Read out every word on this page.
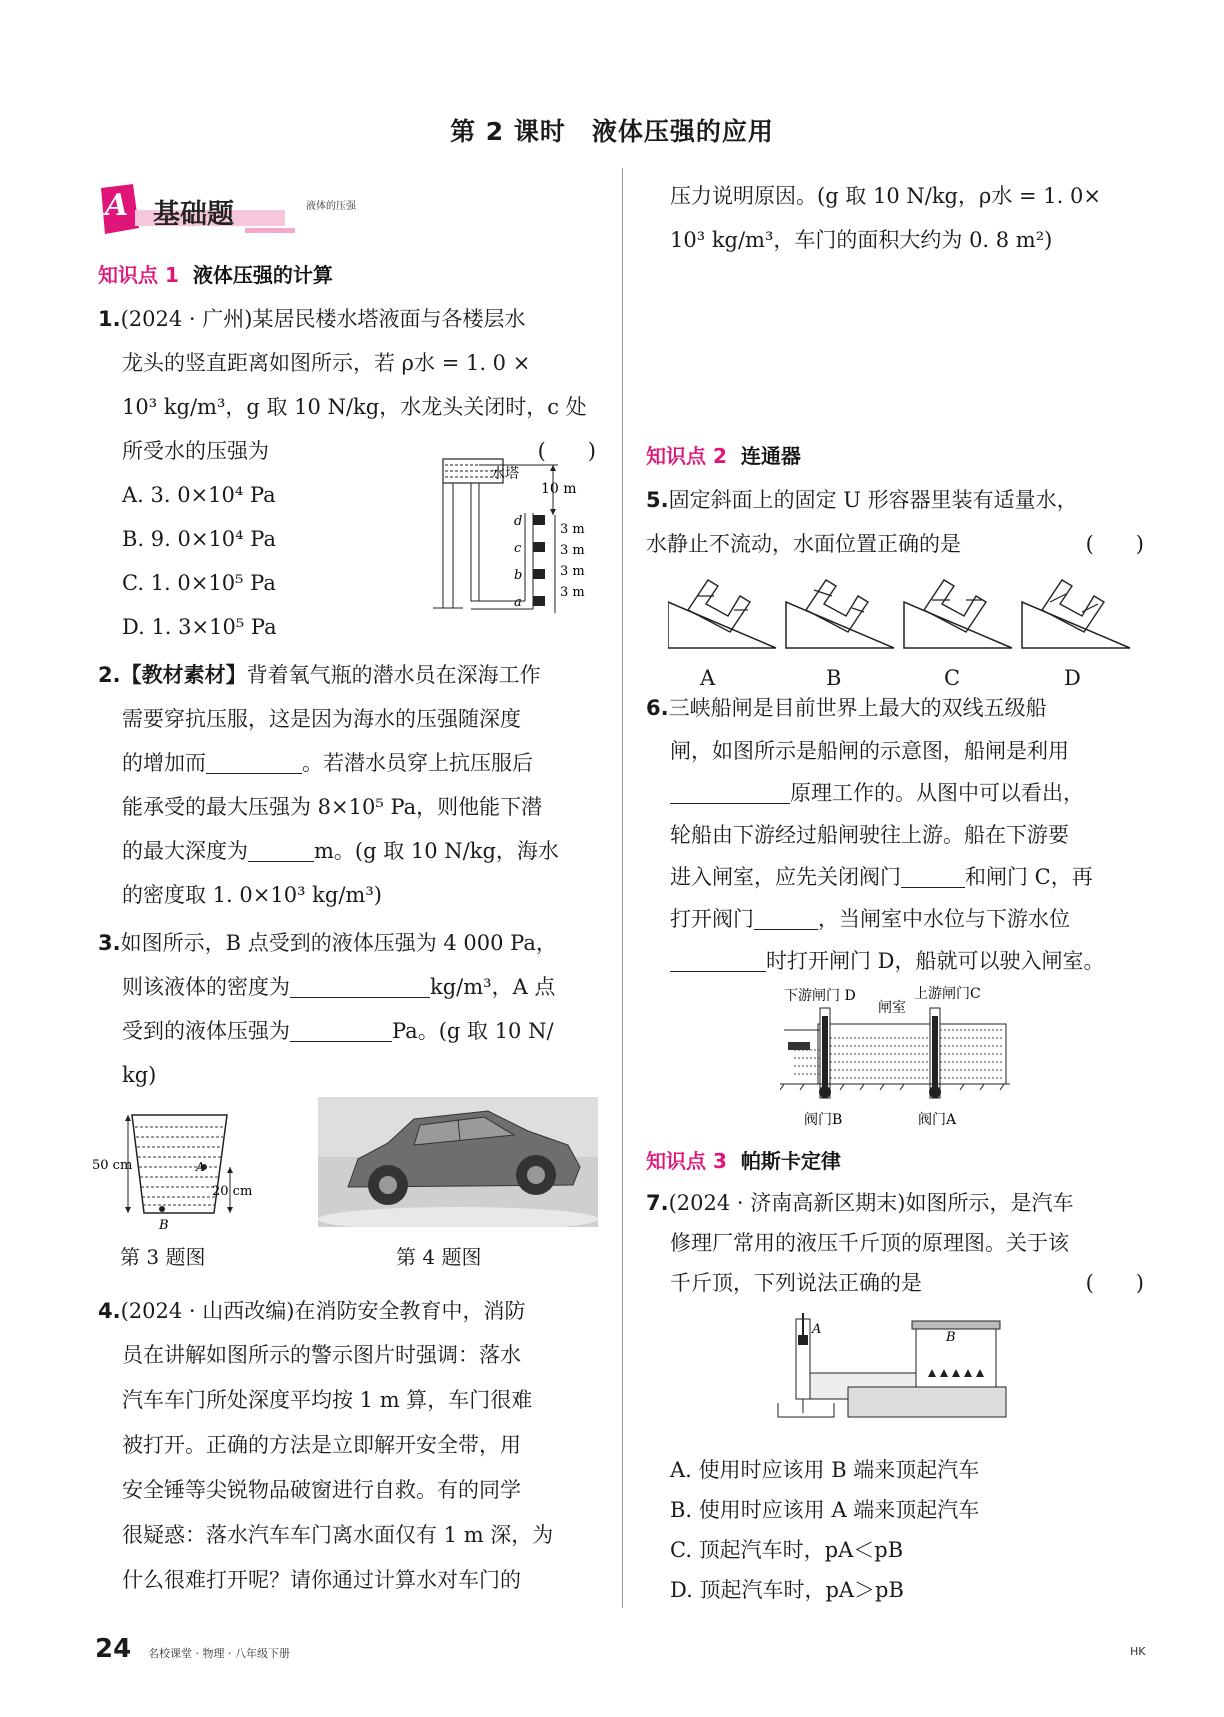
第 2 课时　液体压强的应用
A 基础题	液体的压强
知识点 1 液体压强的计算

1.(2024 · 广州)某居民楼水塔液面与各楼层水

龙头的竖直距离如图所示，若 ρ水 = 1. 0 ×

10³ kg/m³，g 取 10 N/kg，水龙头关闭时，c 处

所受水的压强为	(　　)

A. 3. 0×10⁴ Pa

B. 9. 0×10⁴ Pa

C. 1. 0×10⁵ Pa

D. 1. 3×10⁵ Pa

水塔
10 m
d
c
b
a
3 m
3 m
3 m
3 m

2.【教材素材】背着氧气瓶的潜水员在深海工作

需要穿抗压服，这是因为海水的压强随深度

的增加而	。若潜水员穿上抗压服后

能承受的最大压强为 8×10⁵ Pa，则他能下潜

的最大深度为	m。(g 取 10 N/kg，海水

的密度取 1. 0×10³ kg/m³)

3.如图所示，B 点受到的液体压强为 4 000 Pa，

则该液体的密度为	kg/m³，A 点

受到的液体压强为	Pa。(g 取 10 N/

kg)

50 cm
20 cm
A
B
第 3 题图	第 4 题图

4.(2024 · 山西改编)在消防安全教育中，消防

员在讲解如图所示的警示图片时强调：落水

汽车车门所处深度平均按 1 m 算，车门很难

被打开。正确的方法是立即解开安全带，用

安全锤等尖锐物品破窗进行自救。有的同学

很疑惑：落水汽车车门离水面仅有 1 m 深，为

什么很难打开呢？请你通过计算水对车门的

压力说明原因。(g 取 10 N/kg，ρ水 = 1. 0×

10³ kg/m³，车门的面积大约为 0. 8 m²)

知识点 2 连通器

5.固定斜面上的固定 U 形容器里装有适量水，

水静止不流动，水面位置正确的是	(　　)

A	B	C	D

6.三峡船闸是目前世界上最大的双线五级船

闸，如图所示是船闸的示意图，船闸是利用

原理工作的。从图中可以看出，

轮船由下游经过船闸驶往上游。船在下游要

进入闸室，应先关闭阀门	和闸门 C，再

打开阀门	，当闸室中水位与下游水位

时打开闸门 D，船就可以驶入闸室。

下游闸门 D
闸室
上游闸门C
阀门B	阀门A
知识点 3 帕斯卡定律

7.(2024 · 济南高新区期末)如图所示，是汽车

修理厂常用的液压千斤顶的原理图。关于该

千斤顶，下列说法正确的是	(　　)

A
B

A. 使用时应该用 B 端来顶起汽车

B. 使用时应该用 A 端来顶起汽车

C. 顶起汽车时，pA＜pB

D. 顶起汽车时，pA＞pB

24 名校课堂 · 物理 · 八年级下册	HK
